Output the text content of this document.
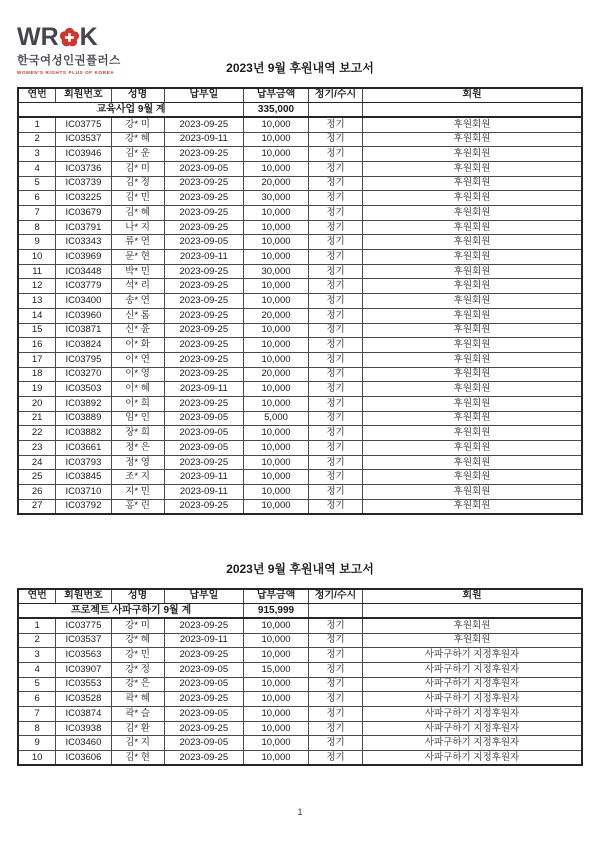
WR K
한국여성인권플러스
WOMEN'S RIGHTS PLUS OF KOREA	2023년 9월 후원내역 보고서
연번	회원번호	성명	납부일	납부금액	정기/수시	회원
교육사업 9월 계				335,000		
1	IC03775	강* 미	2023-09-25	10,000	정기	후원회원
2	IC03537	강* 혜	2023-09-11	10,000	정기	후원회원
3	IC03946	김* 운	2023-09-25	10,000	정기	후원회원
4	IC03736	김* 미	2023-09-05	10,000	정기	후원회원
5	IC03739	김* 정	2023-09-25	20,000	정기	후원회원
6	IC03225	김* 민	2023-09-25	30,000	정기	후원회원
7	IC03679	김* 혜	2023-09-25	10,000	정기	후원회원
8	IC03791	나* 지	2023-09-25	10,000	정기	후원회원
9	IC03343	류* 연	2023-09-05	10,000	정기	후원회원
10	IC03969	문* 현	2023-09-11	10,000	정기	후원회원
11	IC03448	박* 민	2023-09-25	30,000	정기	후원회원
12	IC03779	석* 리	2023-09-25	10,000	정기	후원회원
13	IC03400	송* 연	2023-09-25	10,000	정기	후원회원
14	IC03960	신* 롬	2023-09-25	20,000	정기	후원회원
15	IC03871	신* 윤	2023-09-25	10,000	정기	후원회원
16	IC03824	이* 화	2023-09-25	10,000	정기	후원회원
17	IC03795	이* 연	2023-09-25	10,000	정기	후원회원
18	IC03270	이* 영	2023-09-25	20,000	정기	후원회원
19	IC03503	이* 혜	2023-09-11	10,000	정기	후원회원
20	IC03892	이* 희	2023-09-25	10,000	정기	후원회원
21	IC03889	임* 인	2023-09-05	5,000	정기	후원회원
22	IC03882	장* 희	2023-09-05	10,000	정기	후원회원
23	IC03661	정* 은	2023-09-05	10,000	정기	후원회원
24	IC03793	정* 영	2023-09-25	10,000	정기	후원회원
25	IC03845	조* 지	2023-09-11	10,000	정기	후원회원
26	IC03710	지* 민	2023-09-11	10,000	정기	후원회원
27	IC03792	홍* 린	2023-09-25	10,000	정기	후원회원
2023년 9월 후원내역 보고서
연번	회원번호	성명	납부일	납부금액	정기/수시	회원
프로젝트 사파구하기 9월 계				915,999		
1	IC03775	강* 미	2023-09-25	10,000	정기	후원회원
2	IC03537	강* 혜	2023-09-11	10,000	정기	후원회원
3	IC03563	강* 민	2023-09-25	10,000	정기	사파구하기 지정후원자
4	IC03907	강* 정	2023-09-05	15,000	정기	사파구하기 지정후원자
5	IC03553	강* 은	2023-09-05	10,000	정기	사파구하기 지정후원자
6	IC03528	곽* 혜	2023-09-25	10,000	정기	사파구하기 지정후원자
7	IC03874	곽* 슬	2023-09-05	10,000	정기	사파구하기 지정후원자
8	IC03938	김* 환	2023-09-25	10,000	정기	사파구하기 지정후원자
9	IC03460	김* 지	2023-09-05	10,000	정기	사파구하기 지정후원자
10	IC03606	김* 현	2023-09-25	10,000	정기	사파구하기 지정후원자
1
